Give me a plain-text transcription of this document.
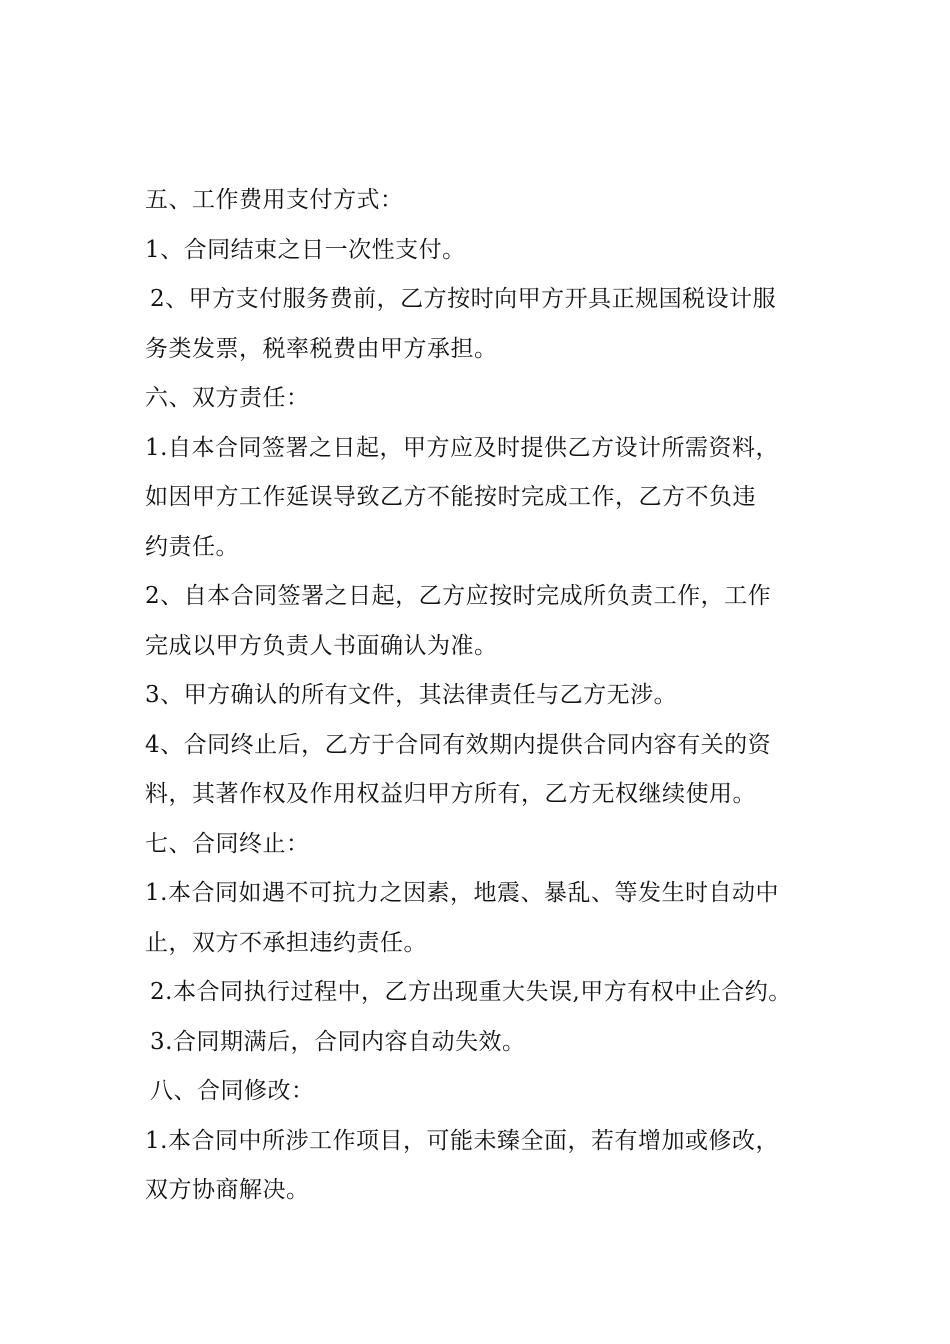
五、工作费用支付方式：
1、合同结束之日一次性支付。
2、甲方支付服务费前，乙方按时向甲方开具正规国税设计服
务类发票，税率税费由甲方承担。
六、双方责任：
1.自本合同签署之日起，甲方应及时提供乙方设计所需资料，
如因甲方工作延误导致乙方不能按时完成工作，乙方不负违
约责任。
2、自本合同签署之日起，乙方应按时完成所负责工作，工作
完成以甲方负责人书面确认为准。
3、甲方确认的所有文件，其法律责任与乙方无涉。
4、合同终止后，乙方于合同有效期内提供合同内容有关的资
料，其著作权及作用权益归甲方所有，乙方无权继续使用。
七、合同终止：
1.本合同如遇不可抗力之因素，地震、暴乱、等发生时自动中
止，双方不承担违约责任。
2.本合同执行过程中，乙方出现重大失误,甲方有权中止合约。
3.合同期满后，合同内容自动失效。
八、合同修改：
1.本合同中所涉工作项目，可能未臻全面，若有增加或修改，
双方协商解决。
